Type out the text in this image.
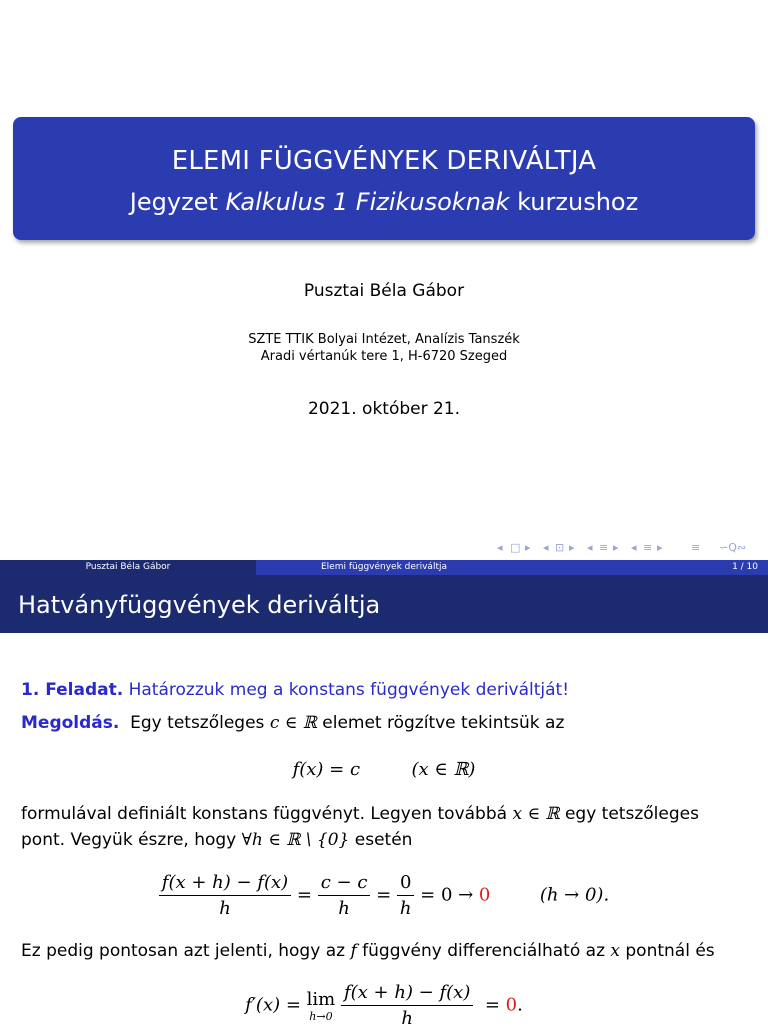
ELEMI FÜGGVÉNYEK DERIVÁLTJA
Jegyzet Kalkulus 1 Fizikusoknak kurzushoz
Pusztai Béla Gábor
SZTE TTIK Bolyai Intézet, Analízis Tanszék
Aradi vértanúk tere 1, H-6720 Szeged
2021. október 21.
◂ □ ▸ ◂ ⊡ ▸ ◂ ≡ ▸ ◂ ≡ ▸	≡ ∽Q∾
Pusztai Béla Gábor	Elemi függvények deriváltja	1 / 10
Hatványfüggvények deriváltja
1. Feladat. Határozzuk meg a konstans függvények deriváltját!
Megoldás.  Egy tetszőleges c ∈ ℝ elemet rögzítve tekintsük az
f(x) = c	(x ∈ ℝ)
formulával definiált konstans függvényt. Legyen továbbá x ∈ ℝ egy tetszőleges
pont. Vegyük észre, hogy ∀h ∈ ℝ \ {0} esetén
$\frac{f(x + h) - f(x)}{h} = \frac{c - c}{h} = \frac{0}{h} = 0 \to 0$	(h → 0).
Ez pedig pontosan azt jelenti, hogy az f függvény differenciálható az x pontnál és
f′(x) = lim
h→0
$\frac{f(x + h) - f(x)}{h} = 0$.
